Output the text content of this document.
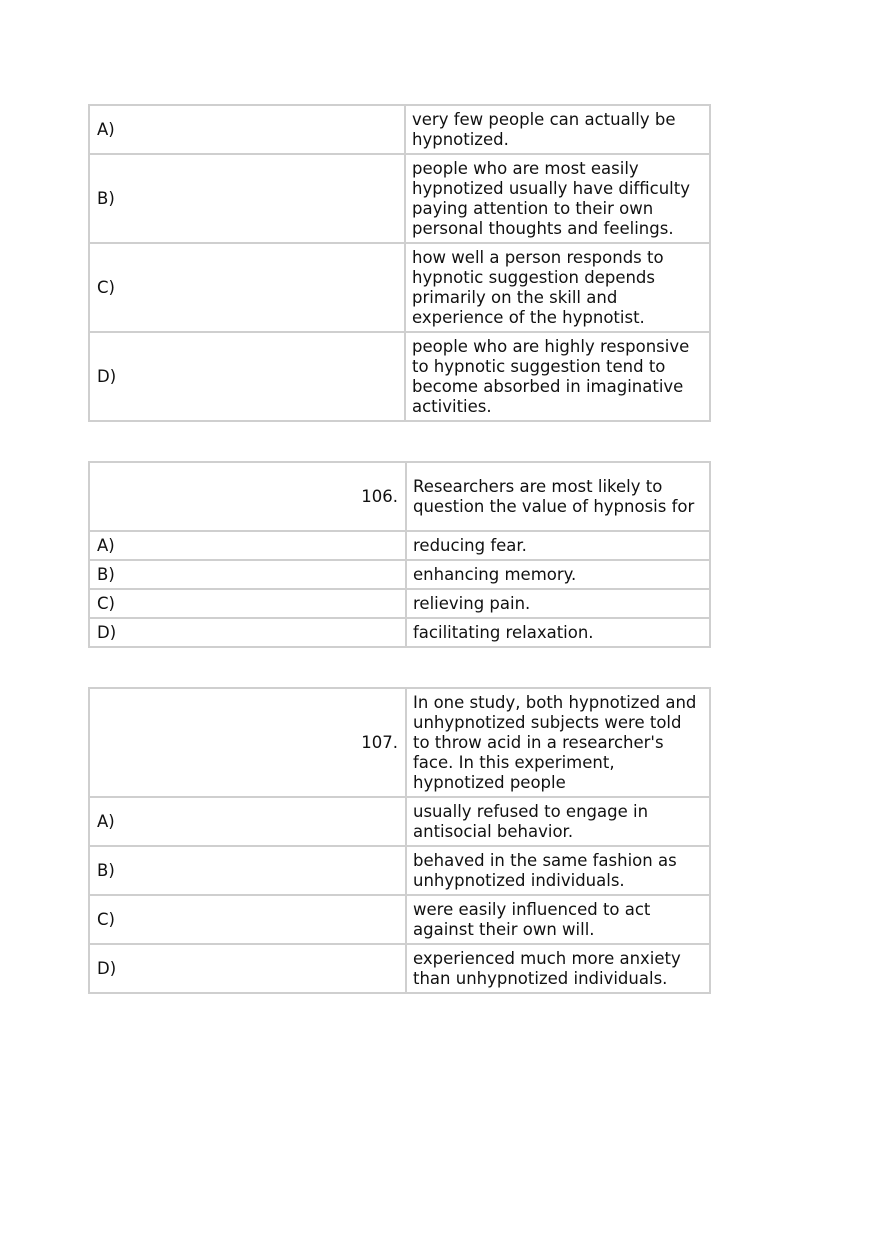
A)	very few people can actually be hypnotized.
B)	people who are most easily hypnotized usually have difﬁculty paying attention to their own personal thoughts and feelings.
C)	how well a person responds to hypnotic suggestion depends primarily on the skill and experience of the hypnotist.
D)	people who are highly responsive to hypnotic suggestion tend to become absorbed in imaginative activities.
106.	Researchers are most likely to question the value of hypnosis for
A)	reducing fear.
B)	enhancing memory.
C)	relieving pain.
D)	facilitating relaxation.
107.	In one study, both hypnotized and unhypnotized subjects were told to throw acid in a researcher's face. In this experiment, hypnotized people
A)	usually refused to engage in antisocial behavior.
B)	behaved in the same fashion as unhypnotized individuals.
C)	were easily influenced to act against their own will.
D)	experienced much more anxiety than unhypnotized individuals.
